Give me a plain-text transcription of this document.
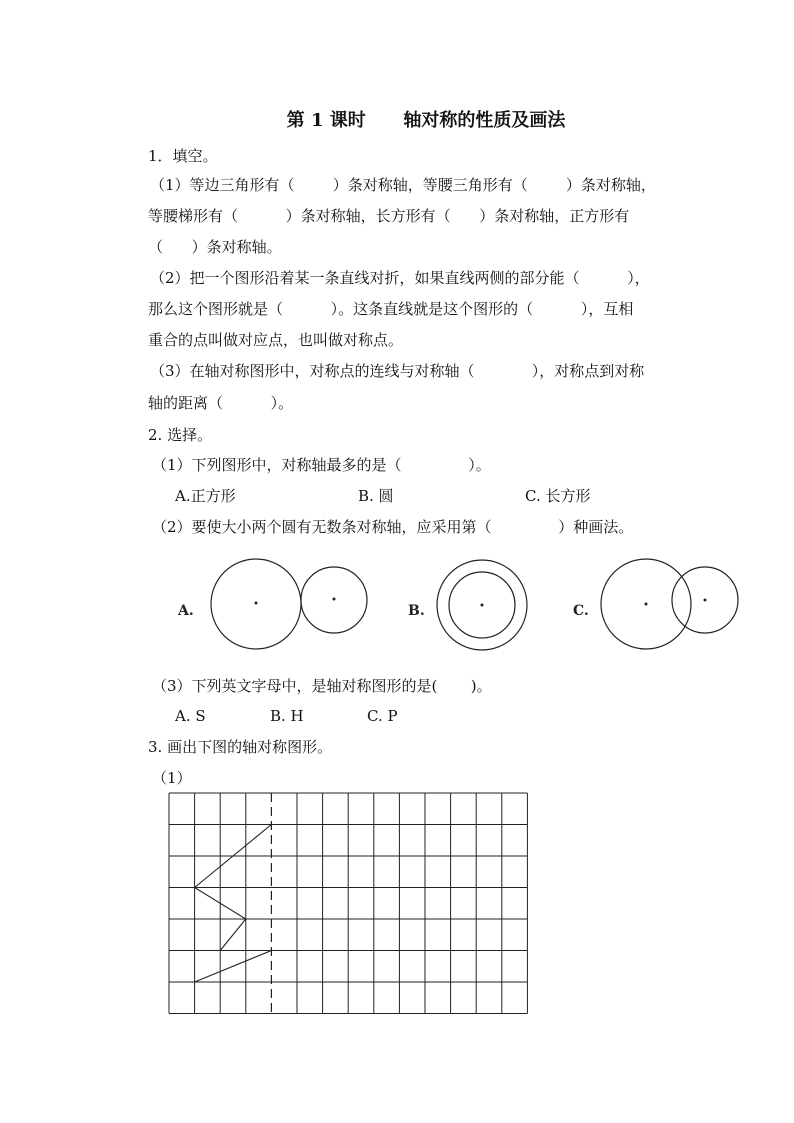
第 1 课时      轴对称的性质及画法
1．填空。
（1）等边三角形有（        ）条对称轴，等腰三角形有（        ）条对称轴，
等腰梯形有（          ）条对称轴，长方形有（      ）条对称轴，正方形有
（      ）条对称轴。
（2）把一个图形沿着某一条直线对折，如果直线两侧的部分能（          ），
那么这个图形就是（          ）。这条直线就是这个图形的（          ），互相
重合的点叫做对应点，也叫做对称点。
（3）在轴对称图形中，对称点的连线与对称轴（            ），对称点到对称
轴的距离（          ）。
2. 选择。
（1）下列图形中，对称轴最多的是（              ）。
A.正方形	B. 圆	C. 长方形
（2）要使大小两个圆有无数条对称轴，应采用第（              ）种画法。
A.	B.	C.
（3）下列英文字母中，是轴对称图形的是(       )。
A. S	B. H	C. P
3. 画出下图的轴对称图形。
（1）
